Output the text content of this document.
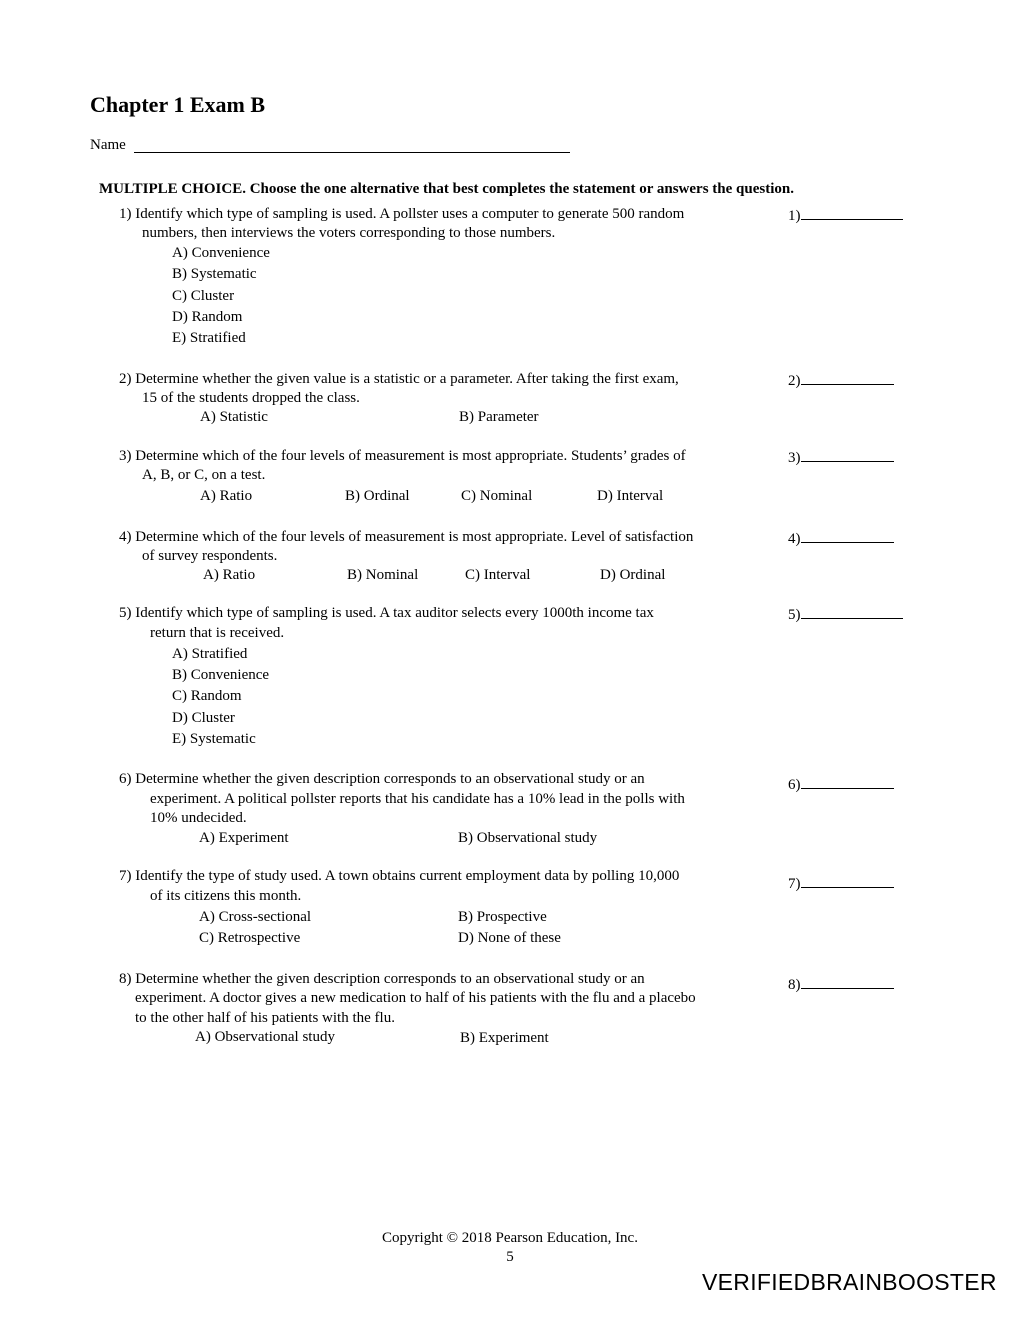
Chapter 1 Exam B
Name
MULTIPLE CHOICE. Choose the one alternative that best completes the statement or answers the question.
1) Identify which type of sampling is used. A pollster uses a computer to generate 500 random
numbers, then interviews the voters corresponding to those numbers.
1)
A) Convenience
B) Systematic
C) Cluster
D) Random
E) Stratified
2) Determine whether the given value is a statistic or a parameter. After taking the first exam,
15 of the students dropped the class.
2)
A) Statistic	B) Parameter
3) Determine which of the four levels of measurement is most appropriate. Students’ grades of
A, B, or C, on a test.
3)
A) Ratio	B) Ordinal	C) Nominal	D) Interval
4) Determine which of the four levels of measurement is most appropriate. Level of satisfaction
of survey respondents.
4)
A) Ratio	B) Nominal	C) Interval	D) Ordinal
5) Identify which type of sampling is used. A tax auditor selects every 1000th income tax
return that is received.
5)
A) Stratified
B) Convenience
C) Random
D) Cluster
E) Systematic
6) Determine whether the given description corresponds to an observational study or an
experiment. A political pollster reports that his candidate has a 10% lead in the polls with
10% undecided.
6)
A) Experiment	B) Observational study
7) Identify the type of study used. A town obtains current employment data by polling 10,000
of its citizens this month.
7)
A) Cross-sectional	B) Prospective
C) Retrospective	D) None of these
8) Determine whether the given description corresponds to an observational study or an
experiment. A doctor gives a new medication to half of his patients with the flu and a placebo
to the other half of his patients with the flu.
8)
A) Observational study	B) Experiment
Copyright © 2018 Pearson Education, Inc.
5
VERIFIEDBRAINBOOSTER
